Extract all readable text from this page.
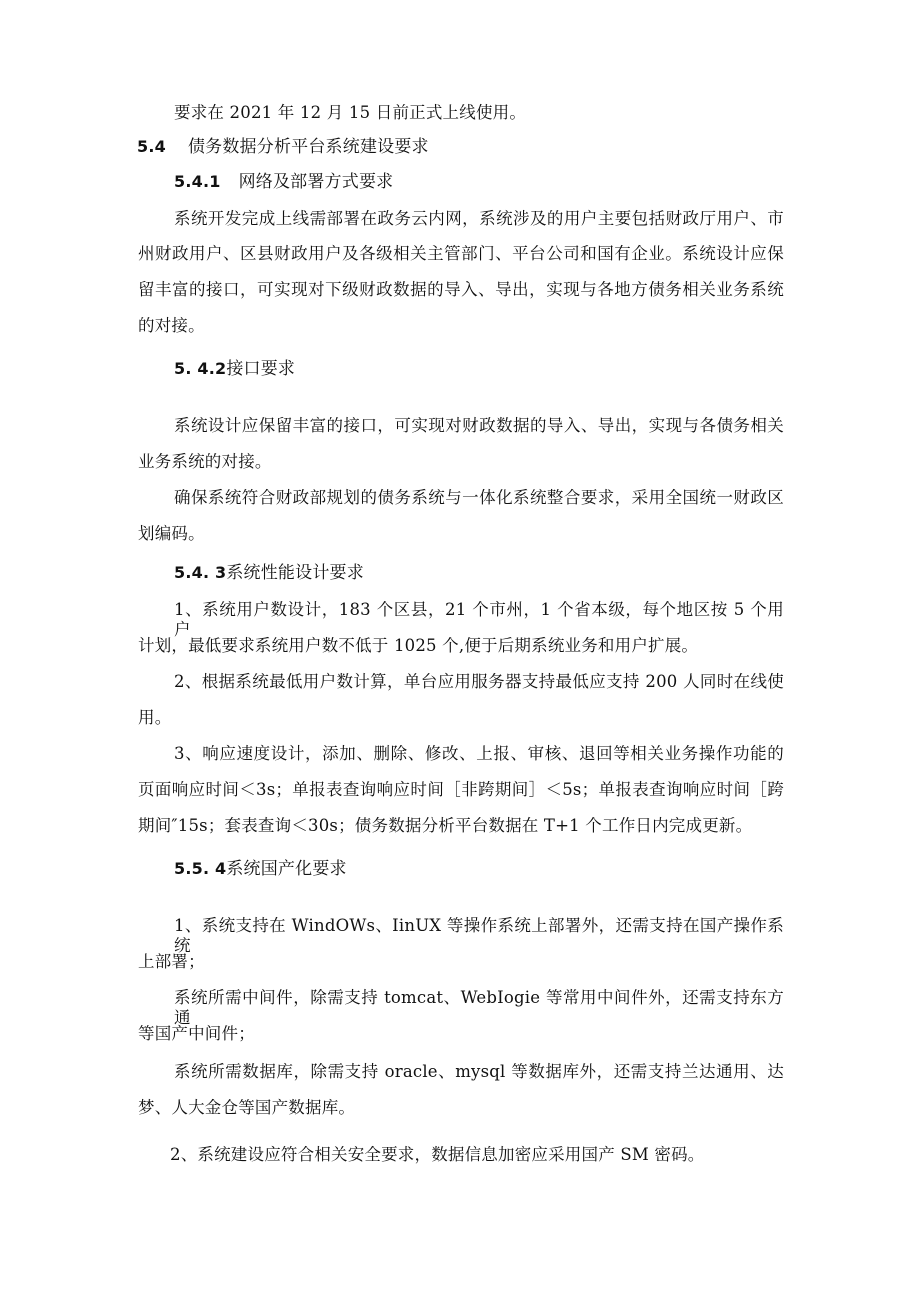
要求在 2021 年 12 月 15 日前正式上线使用。
5.4 债务数据分析平台系统建设要求
5.4.1 网络及部署方式要求
系统开发完成上线需部署在政务云内网，系统涉及的用户主要包括财政厅用户、市
州财政用户、区县财政用户及各级相关主管部门、平台公司和国有企业。系统设计应保
留丰富的接口，可实现对下级财政数据的导入、导出，实现与各地方债务相关业务系统
的对接。
5. 4.2接口要求
系统设计应保留丰富的接口，可实现对财政数据的导入、导出，实现与各债务相关
业务系统的对接。
确保系统符合财政部规划的债务系统与一体化系统整合要求，采用全国统一财政区
划编码。
5.4. 3系统性能设计要求
1、系统用户数设计，183 个区县，21 个市州，1 个省本级，每个地区按 5 个用户
计划，最低要求系统用户数不低于 1025 个,便于后期系统业务和用户扩展。
2、根据系统最低用户数计算，单台应用服务器支持最低应支持 200 人同时在线使
用。
3、响应速度设计，添加、删除、修改、上报、审核、退回等相关业务操作功能的
页面响应时间＜3s；单报表查询响应时间［非跨期间］＜5s；单报表查询响应时间［跨
期间″15s；套表查询＜30s；债务数据分析平台数据在 T+1 个工作日内完成更新。
5.5. 4系统国产化要求
1、系统支持在 WindOWs、IinUX 等操作系统上部署外，还需支持在国产操作系统
上部署；
系统所需中间件，除需支持 tomcat、WebIogie 等常用中间件外，还需支持东方通
等国产中间件；
系统所需数据库，除需支持 oracle、mysql 等数据库外，还需支持兰达通用、达
梦、人大金仓等国产数据库。
2、系统建设应符合相关安全要求，数据信息加密应采用国产 SM 密码。
